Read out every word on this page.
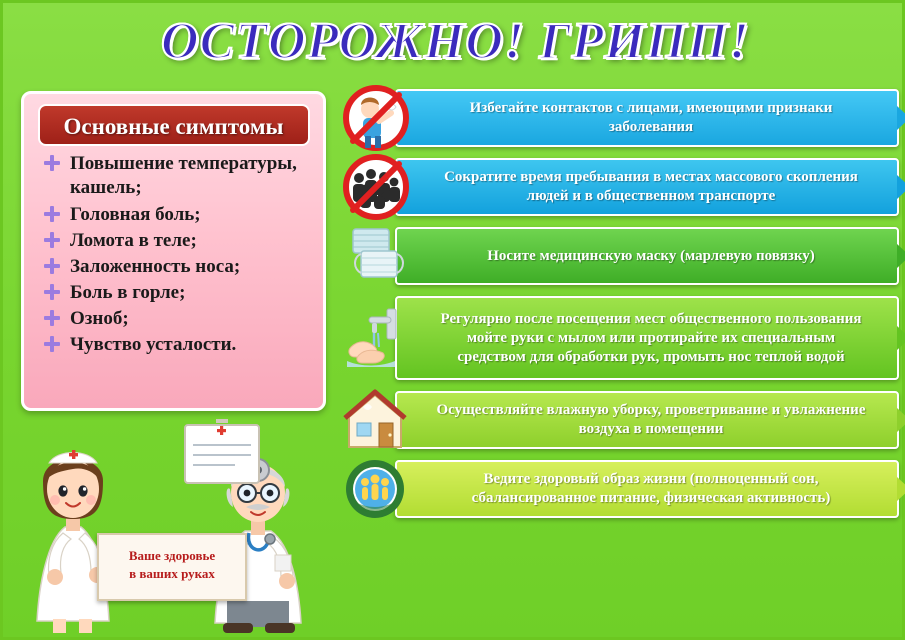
ОСТОРОЖНО! ГРИПП!
Основные симптомы
Повышение температуры, кашель;
Головная боль;
Ломота в теле;
Заложенность носа;
Боль в горле;
Озноб;
Чувство усталости.
Ваше здоровье
в ваших руках
Избегайте контактов с лицами, имеющими признаки заболевания
Сократите время пребывания в местах массового скопления людей и в общественном транспорте
Носите медицинскую маску (марлевую повязку)
Регулярно после посещения мест общественного пользования мойте руки с мылом или протирайте их специальным средством для обработки рук, промыть нос теплой водой
Осуществляйте влажную уборку, проветривание и увлажнение воздуха в помещении
Ведите здоровый образ жизни (полноценный сон, сбалансированное питание, физическая активность)
